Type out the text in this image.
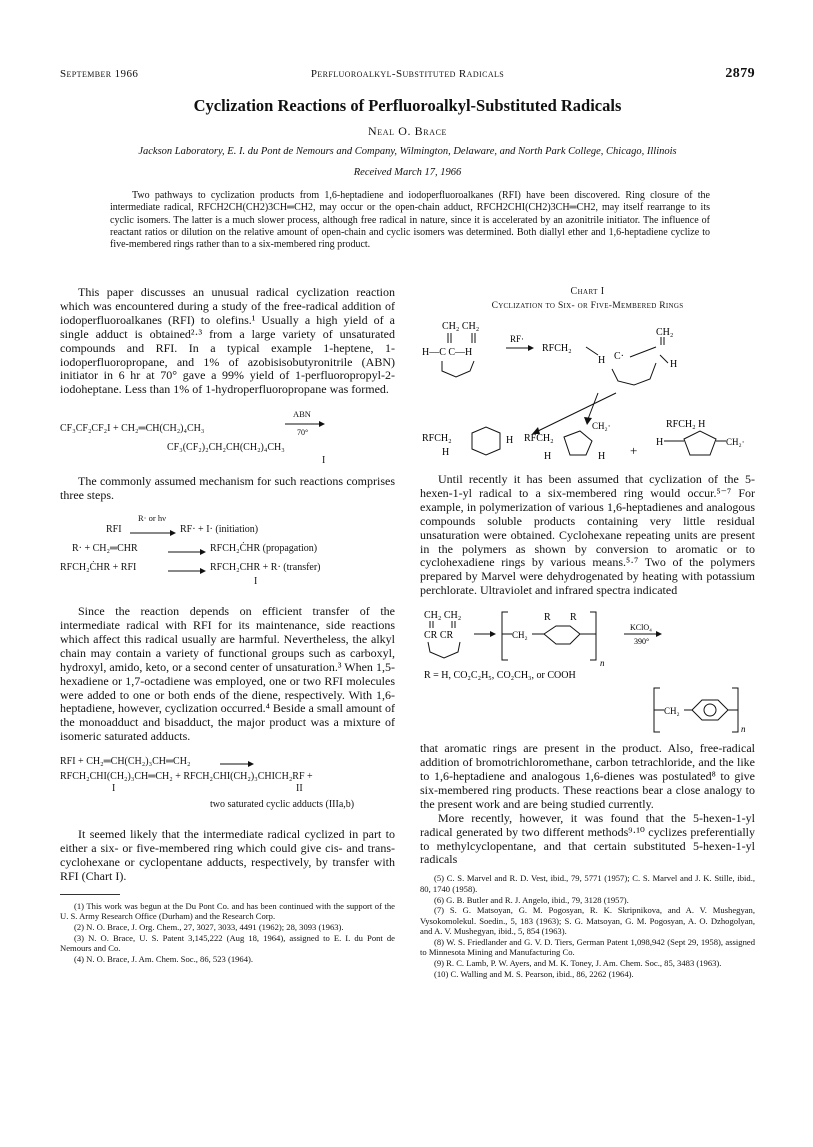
September 1966	Perfluoroalkyl-Substituted Radicals	2879
Cyclization Reactions of Perfluoroalkyl-Substituted Radicals
Neal O. Brace
Jackson Laboratory, E. I. du Pont de Nemours and Company, Wilmington, Delaware, and North Park College, Chicago, Illinois
Received March 17, 1966

Two pathways to cyclization products from 1,6-heptadiene and iodoperfluoroalkanes (RFI) have been discovered. Ring closure of the intermediate radical, RFCH2CH(CH2)3CH═CH2, may occur or the open-chain adduct, RFCH2CHI(CH2)3CH═CH2, may itself rearrange to its cyclic isomers. The latter is a much slower process, although free radical in nature, since it is accelerated by an azonitrile initiator. The influence of reactant ratios or dilution on the relative amount of open-chain and cyclic isomers was determined. Both diallyl ether and 1,6-heptadiene cyclize to five-membered rings rather than to a six-membered ring product.

This paper discusses an unusual radical cyclization reaction which was encountered during a study of the free-radical addition of iodoperfluoroalkanes (RFI) to olefins.¹ Usually a high yield of a single adduct is obtained²·³ from a large variety of unsaturated compounds and RFI. In a typical example 1-heptene, 1-iodoperfluoropropane, and 1% of azobisisobutyronitrile (ABN) initiator in 6 hr at 70° gave a 99% yield of 1-perfluoropropyl-2-iodoheptane. Less than 1% of 1-hydroperfluoropropane was formed.

ABN
CF₃CF₂CF₂I + CH₂═CH(CH₂)₄CH₃	70°
CF₃(CF₂)₂CH₂CH(CH₂)₄CH₃
I

The commonly assumed mechanism for such reactions comprises three steps.

R· or hν
RFI	RF· + I· (initiation)
R· + CH₂═CHR	→ RFCH₂ĊHR (propagation)
RFCH₂ĊHR + RFI	→ RFCH₂CHR + R· (transfer)
I

Since the reaction depends on efficient transfer of the intermediate radical with RFI for its maintenance, side reactions which affect this radical usually are harmful. Nevertheless, the alkyl chain may contain a variety of functional groups such as carboxyl, hydroxyl, amido, keto, or a second center of unsaturation.³ When 1,5-hexadiene or 1,7-octadiene was employed, one or two RFI molecules were added to one or both ends of the diene, respectively. With 1,6-heptadiene, however, cyclization occurred.⁴ Beside a small amount of the monoadduct and bisadduct, the major product was a mixture of isomeric saturated adducts.

RFI + CH₂═CH(CH₂)₃CH═CH₂
RFCH₂CHI(CH₂)₃CH═CH₂ + RFCH₂CHI(CH₂)₃CHICH₂RF +
I	II
two saturated cyclic adducts (IIIa,b)

It seemed likely that the intermediate radical cyclized in part to either a six- or five-membered ring which could give cis- and trans-cyclohexane or cyclopentane adducts, respectively, by transfer with RFI (Chart I).

(1) This work was begun at the Du Pont Co. and has been continued with the support of the U. S. Army Research Office (Durham) and the Research Corp.

(2) N. O. Brace, J. Org. Chem., 27, 3027, 3033, 4491 (1962); 28, 3093 (1963).

(3) N. O. Brace, U. S. Patent 3,145,222 (Aug 18, 1964), assigned to E. I. du Pont de Nemours and Co.

(4) N. O. Brace, J. Am. Chem. Soc., 86, 523 (1964).

Chart I
Cyclization to Six- or Five-Membered Rings
CH₂ CH₂
H—C C—H
RF·
RFCH₂
CH₂
H C·
H
RFCH₂
H
H RFCH₂
CH₂·
H	H +
RFCH₂ H
H	CH₂·

Until recently it has been assumed that cyclization of the 5-hexen-1-yl radical to a six-membered ring would occur.⁵⁻⁷ For example, in polymerization of various 1,6-heptadienes and analogous compounds soluble products containing very little residual unsaturation were obtained. Cyclohexane repeating units are present in the polymers as shown by conversion to aromatic or to cyclohexadiene rings by various means.⁵·⁷ Two of the polymers prepared by Marvel were dehydrogenated by heating with potassium perchlorate. Ultraviolet and infrared spectra indicated

CH₂ CH₂
CR CR	CH₂
R R
n
KClO₄
390°
R = H, CO₂C₂H₅, CO₂CH₃, or COOH
CH₂
n

that aromatic rings are present in the product. Also, free-radical addition of bromotrichloromethane, carbon tetrachloride, and the like to 1,6-heptadiene and analogous 1,6-dienes was postulated⁸ to give six-membered ring products. These reactions bear a close analogy to the present work and are being studied currently.

More recently, however, it was found that the 5-hexen-1-yl radical generated by two different methods⁹·¹⁰ cyclizes preferentially to methylcyclopentane, and that certain substituted 5-hexen-1-yl radicals

(5) C. S. Marvel and R. D. Vest, ibid., 79, 5771 (1957); C. S. Marvel and J. K. Stille, ibid., 80, 1740 (1958).

(6) G. B. Butler and R. J. Angelo, ibid., 79, 3128 (1957).

(7) S. G. Matsoyan, G. M. Pogosyan, R. K. Skripnikova, and A. V. Mushegyan, Vysokomolekul. Soedin., 5, 183 (1963); S. G. Matsoyan, G. M. Pogosyan, A. O. Dzhogolyan, and A. V. Mushegyan, ibid., 5, 854 (1963).

(8) W. S. Friedlander and G. V. D. Tiers, German Patent 1,098,942 (Sept 29, 1958), assigned to Minnesota Mining and Manufacturing Co.

(9) R. C. Lamb, P. W. Ayers, and M. K. Toney, J. Am. Chem. Soc., 85, 3483 (1963).

(10) C. Walling and M. S. Pearson, ibid., 86, 2262 (1964).
